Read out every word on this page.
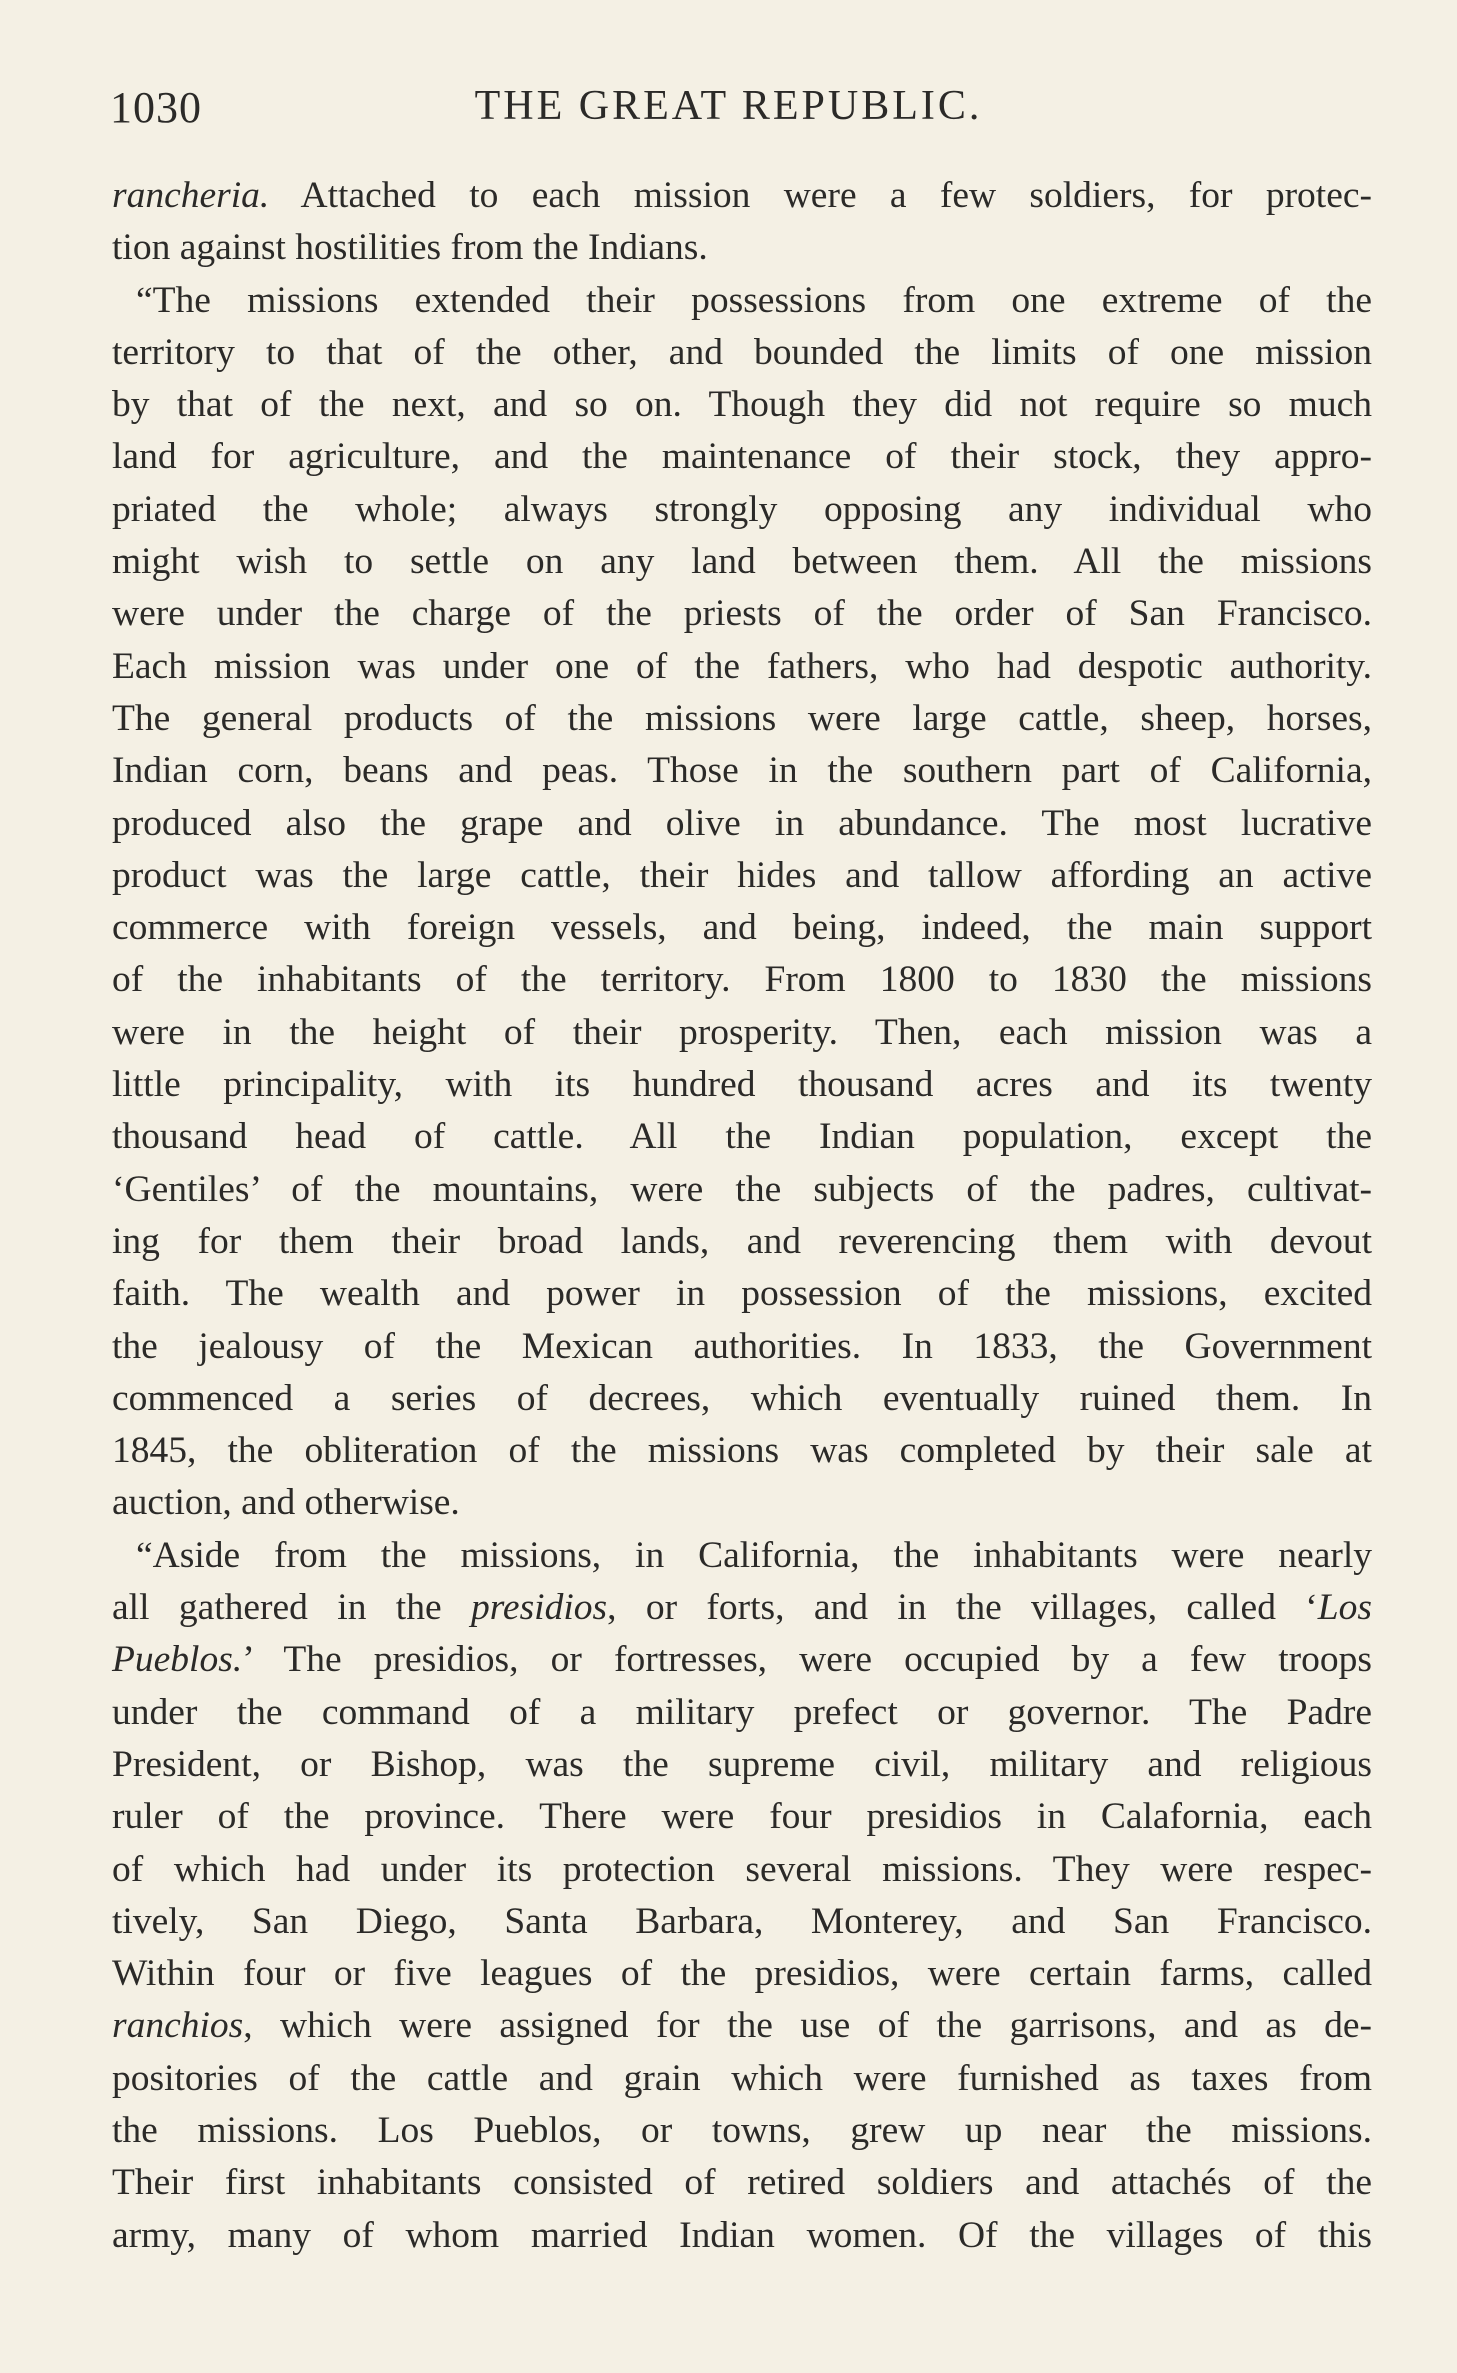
1030	THE GREAT REPUBLIC.
rancheria. Attached to each mission were a few soldiers, for protec-
tion against hostilities from the Indians.
“The missions extended their possessions from one extreme of the
territory to that of the other, and bounded the limits of one mission
by that of the next, and so on. Though they did not require so much
land for agriculture, and the maintenance of their stock, they appro-
priated the whole; always strongly opposing any individual who
might wish to settle on any land between them. All the missions
were under the charge of the priests of the order of San Francisco.
Each mission was under one of the fathers, who had despotic authority.
The general products of the missions were large cattle, sheep, horses,
Indian corn, beans and peas. Those in the southern part of California,
produced also the grape and olive in abundance. The most lucrative
product was the large cattle, their hides and tallow affording an active
commerce with foreign vessels, and being, indeed, the main support
of the inhabitants of the territory. From 1800 to 1830 the missions
were in the height of their prosperity. Then, each mission was a
little principality, with its hundred thousand acres and its twenty
thousand head of cattle. All the Indian population, except the
‘Gentiles’ of the mountains, were the subjects of the padres, cultivat-
ing for them their broad lands, and reverencing them with devout
faith. The wealth and power in possession of the missions, excited
the jealousy of the Mexican authorities. In 1833, the Government
commenced a series of decrees, which eventually ruined them. In
1845, the obliteration of the missions was completed by their sale at
auction, and otherwise.
“Aside from the missions, in California, the inhabitants were nearly
all gathered in the presidios, or forts, and in the villages, called ‘Los
Pueblos.’ The presidios, or fortresses, were occupied by a few troops
under the command of a military prefect or governor. The Padre
President, or Bishop, was the supreme civil, military and religious
ruler of the province. There were four presidios in Calafornia, each
of which had under its protection several missions. They were respec-
tively, San Diego, Santa Barbara, Monterey, and San Francisco.
Within four or five leagues of the presidios, were certain farms, called
ranchios, which were assigned for the use of the garrisons, and as de-
positories of the cattle and grain which were furnished as taxes from
the missions. Los Pueblos, or towns, grew up near the missions.
Their first inhabitants consisted of retired soldiers and attachés of the
army, many of whom married Indian women. Of the villages of this
